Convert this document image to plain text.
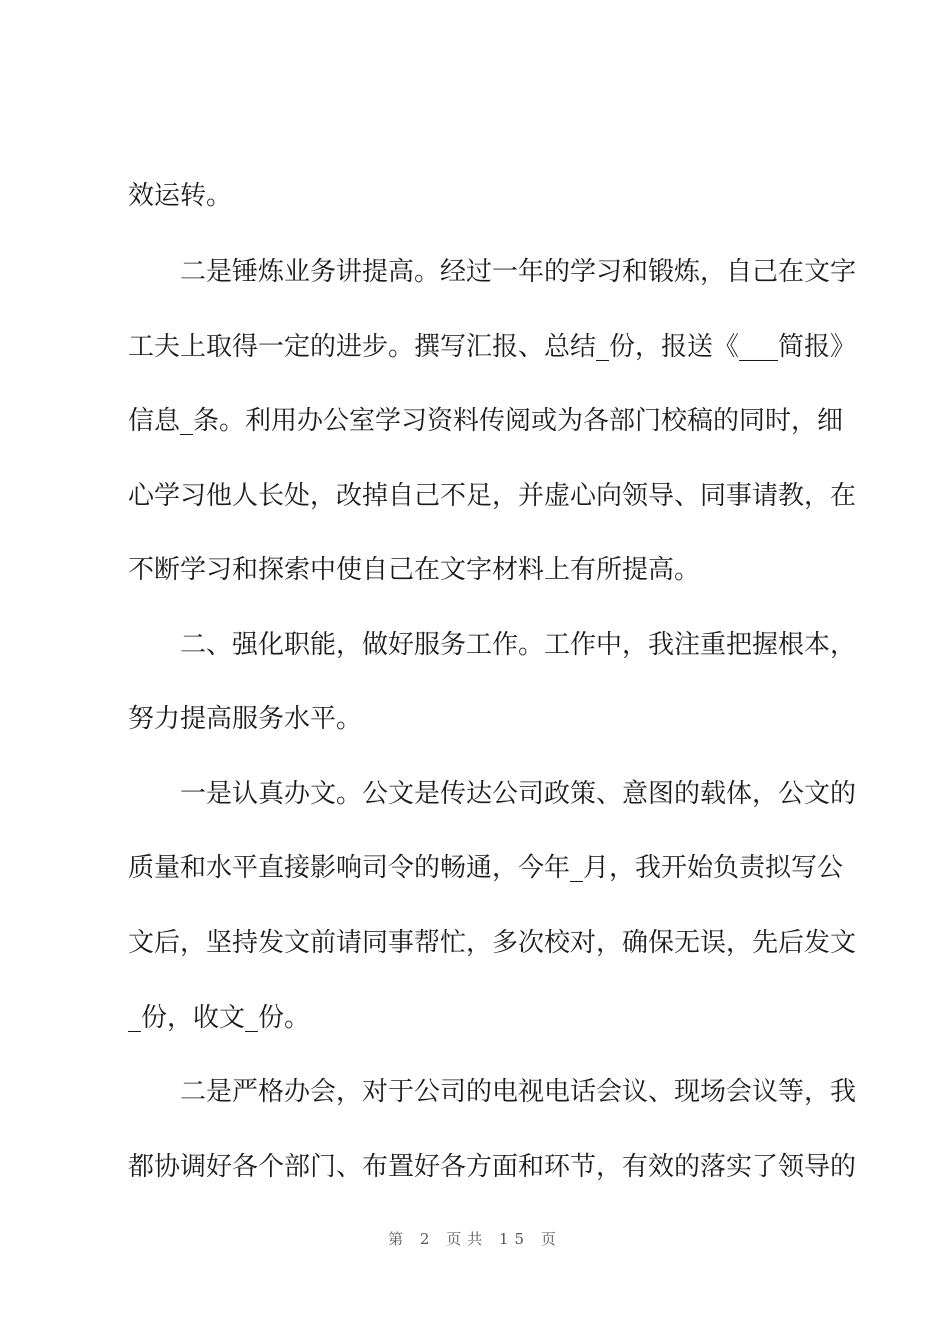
效运转。
二是锤炼业务讲提高。经过一年的学习和锻炼，自己在文字
工夫上取得一定的进步。撰写汇报、总结_份，报送《___简报》
信息_条。利用办公室学习资料传阅或为各部门校稿的同时，细
心学习他人长处，改掉自己不足，并虚心向领导、同事请教，在
不断学习和探索中使自己在文字材料上有所提高。
二、强化职能，做好服务工作。工作中，我注重把握根本，
努力提高服务水平。
一是认真办文。公文是传达公司政策、意图的载体，公文的
质量和水平直接影响司令的畅通，今年_月，我开始负责拟写公
文后，坚持发文前请同事帮忙，多次校对，确保无误，先后发文
_份，收文_份。
二是严格办会，对于公司的电视电话会议、现场会议等，我
都协调好各个部门、布置好各方面和环节，有效的落实了领导的
第 2 页共 15 页
